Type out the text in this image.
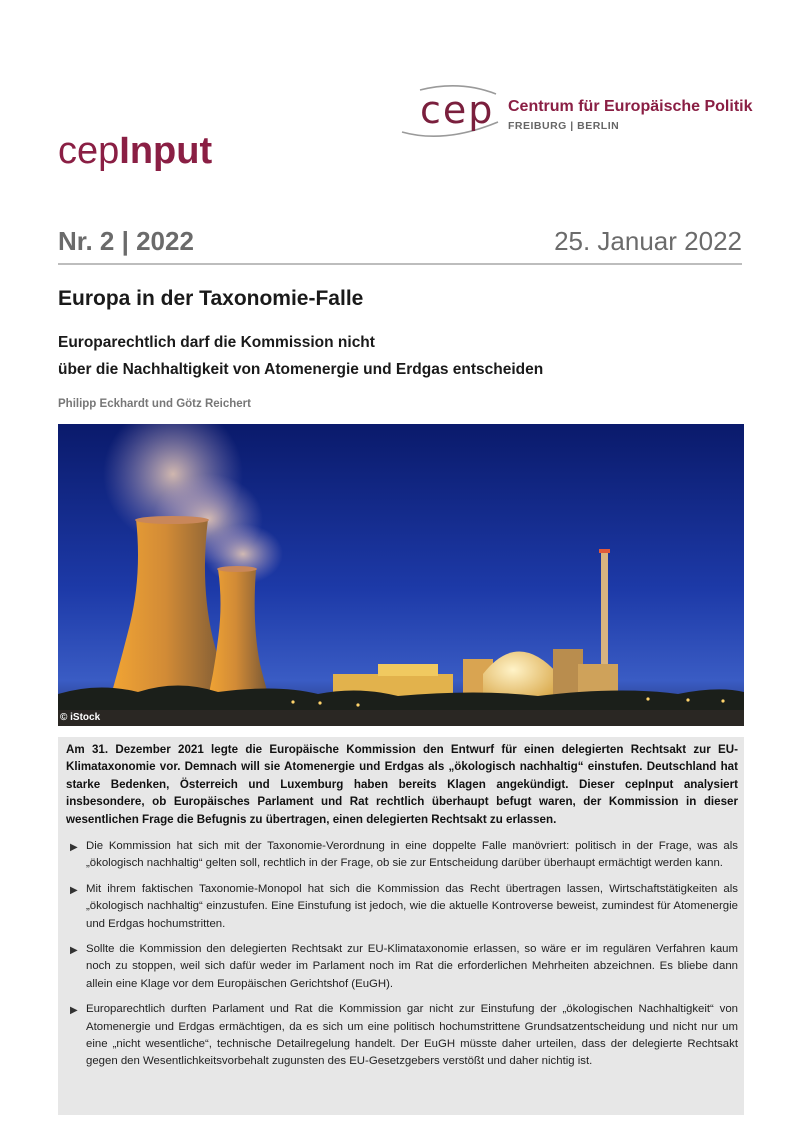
cep Centrum für Europäische Politik
FREIBURG | BERLIN
cepInput
Nr. 2 | 2022	25. Januar 2022
Europa in der Taxonomie-Falle
Europarechtlich darf die Kommission nicht
über die Nachhaltigkeit von Atomenergie und Erdgas entscheiden
Philipp Eckhardt und Götz Reichert
© iStock
Am 31. Dezember 2021 legte die Europäische Kommission den Entwurf für einen delegierten Rechtsakt zur EU-Klimataxonomie vor. Demnach will sie Atomenergie und Erdgas als „ökologisch nachhaltig“ einstufen. Deutschland hat starke Bedenken, Österreich und Luxemburg haben bereits Klagen angekündigt. Dieser cepInput analysiert insbesondere, ob Europäisches Parlament und Rat rechtlich überhaupt befugt waren, der Kommission in dieser wesentlichen Frage die Befugnis zu übertragen, einen delegierten Rechtsakt zu erlassen.
▶ Die Kommission hat sich mit der Taxonomie-Verordnung in eine doppelte Falle manövriert: politisch in der Frage, was als „ökologisch nachhaltig“ gelten soll, rechtlich in der Frage, ob sie zur Entscheidung darüber überhaupt ermächtigt werden kann.
▶ Mit ihrem faktischen Taxonomie-Monopol hat sich die Kommission das Recht übertragen lassen, Wirtschaftstätigkeiten als „ökologisch nachhaltig“ einzustufen. Eine Einstufung ist jedoch, wie die aktuelle Kontroverse beweist, zumindest für Atomenergie und Erdgas hochumstritten.
▶ Sollte die Kommission den delegierten Rechtsakt zur EU-Klimataxonomie erlassen, so wäre er im regulären Verfahren kaum noch zu stoppen, weil sich dafür weder im Parlament noch im Rat die erforderlichen Mehrheiten abzeichnen. Es bliebe dann allein eine Klage vor dem Europäischen Gerichtshof (EuGH).
▶ Europarechtlich durften Parlament und Rat die Kommission gar nicht zur Einstufung der „ökologischen Nachhaltigkeit“ von Atomenergie und Erdgas ermächtigen, da es sich um eine politisch hochumstrittene Grundsatzentscheidung und nicht nur um eine „nicht wesentliche“, technische Detailregelung handelt. Der EuGH müsste daher urteilen, dass der delegierte Rechtsakt gegen den Wesentlichkeitsvorbehalt zugunsten des EU-Gesetzgebers verstößt und daher nichtig ist.
